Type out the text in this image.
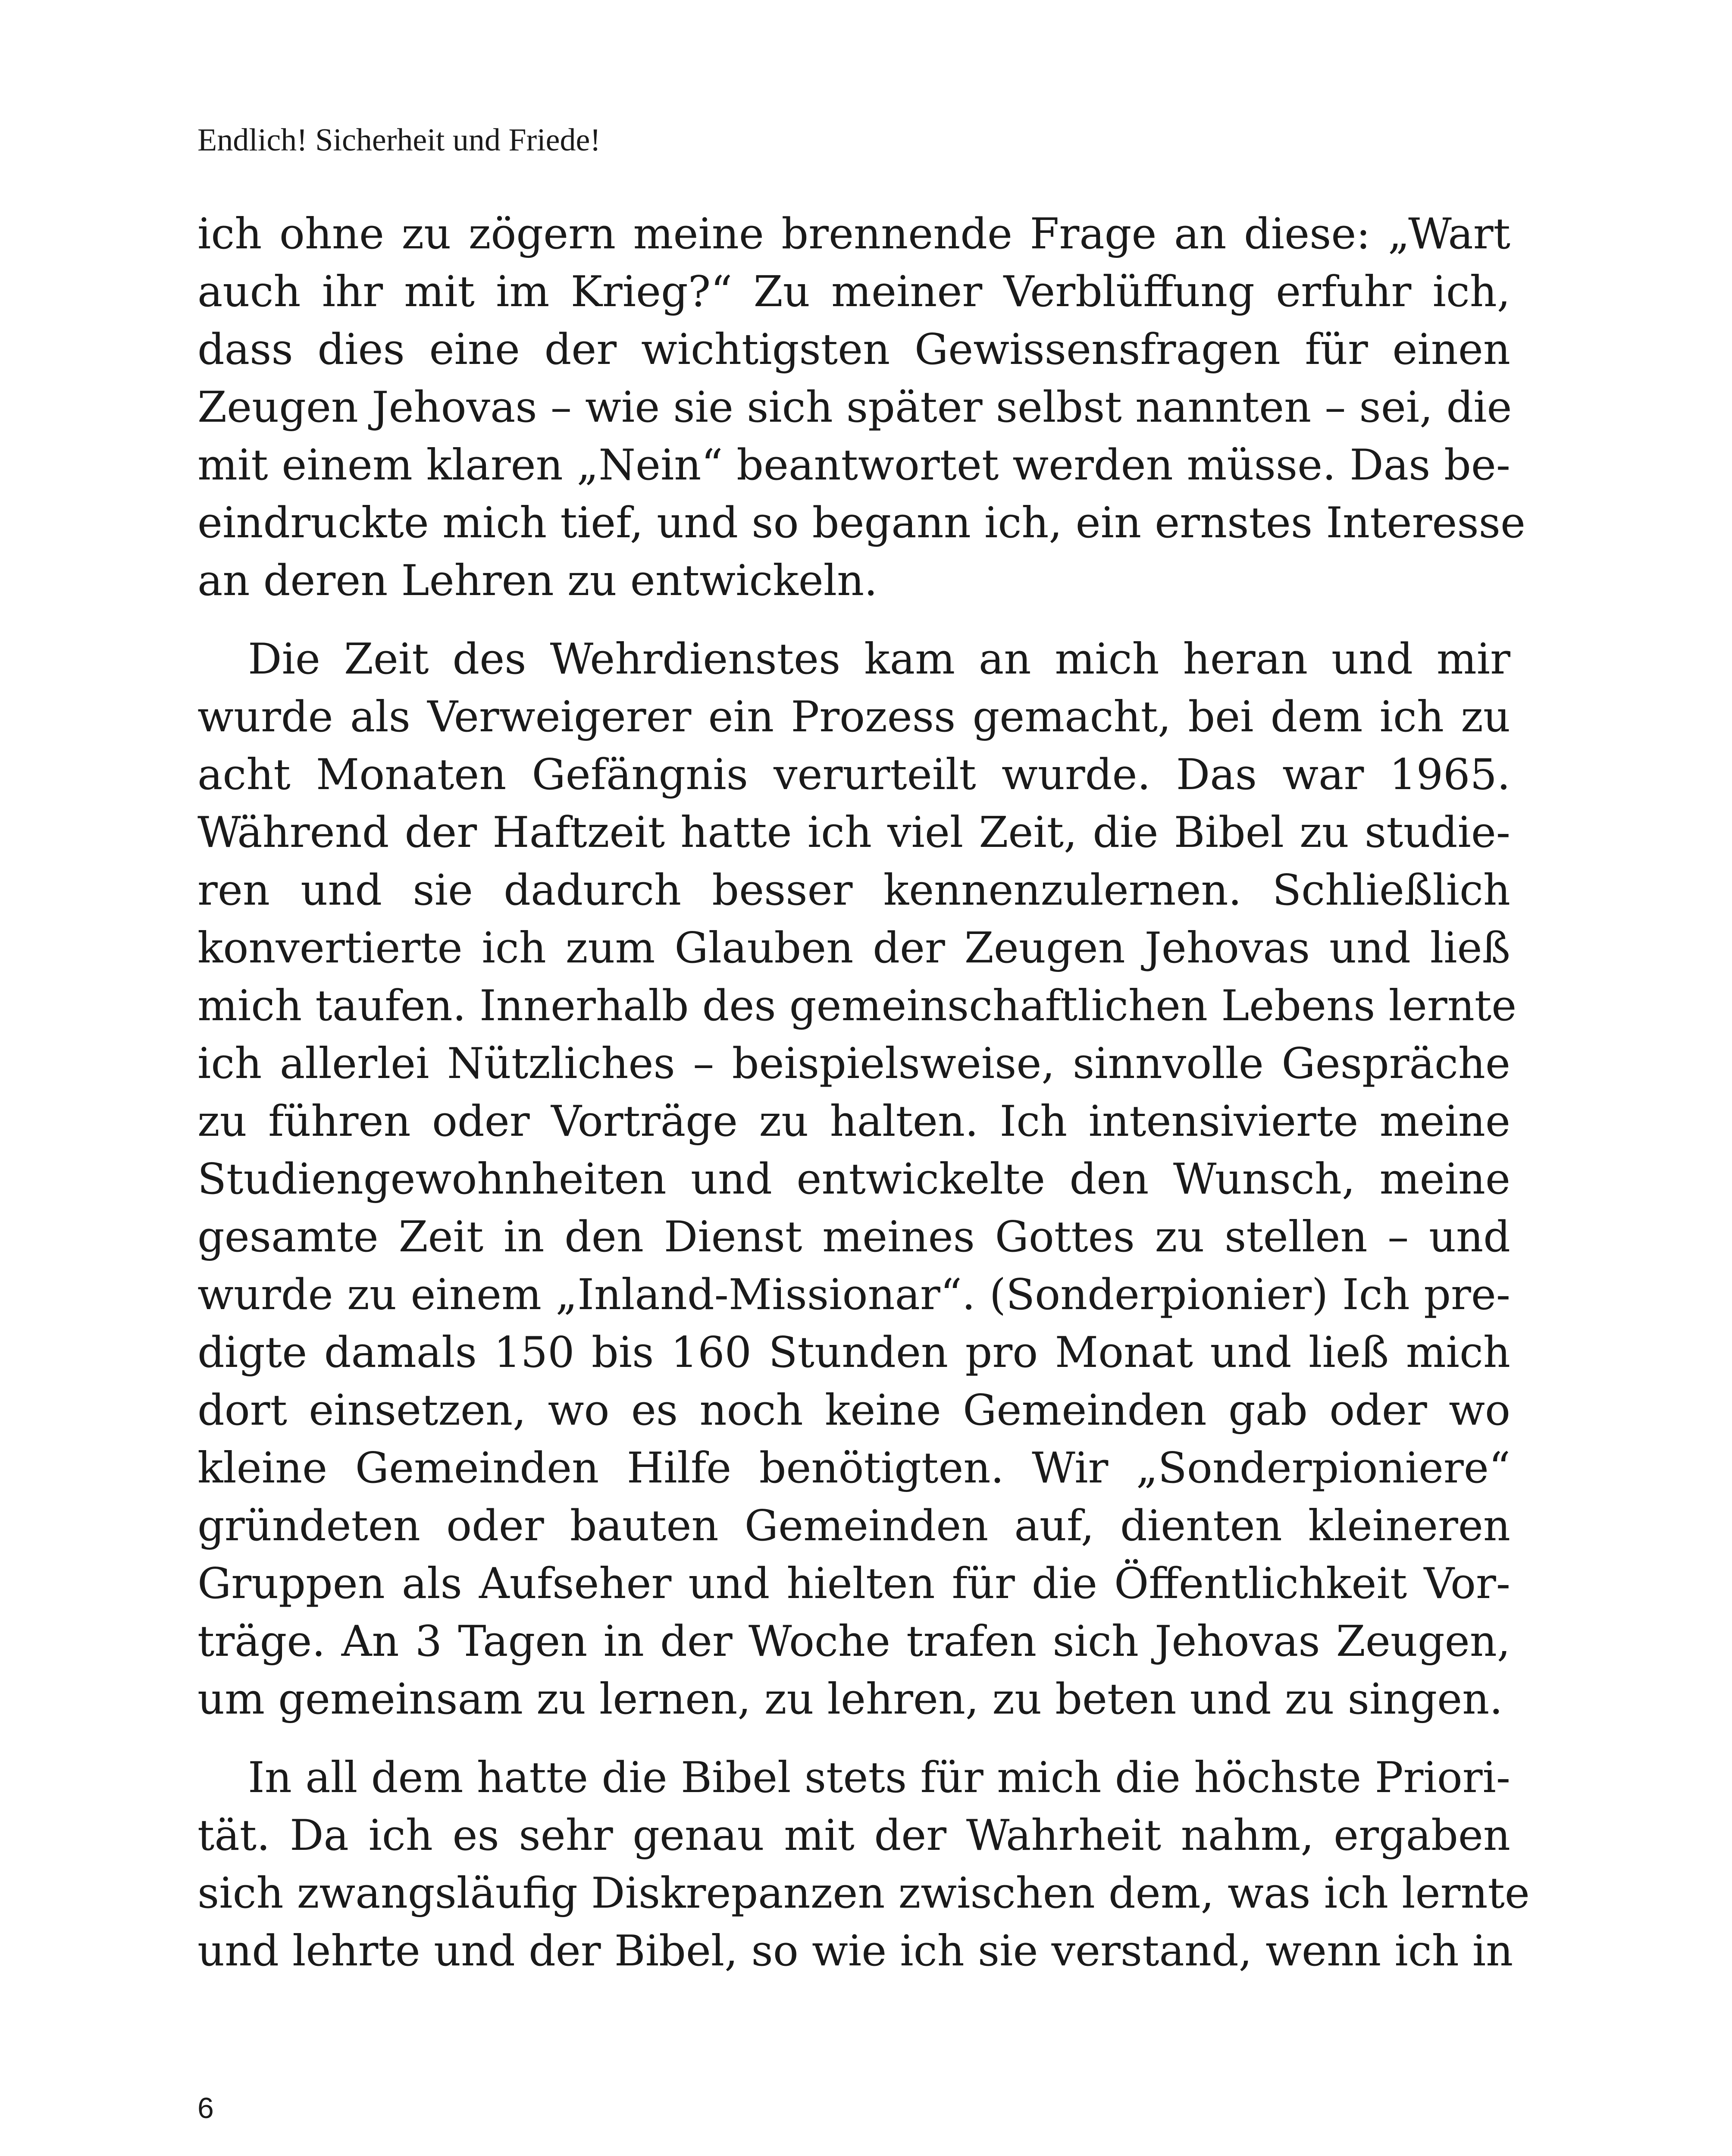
Endlich! Sicherheit und Friede!

ich ohne zu zögern meine brennende Frage an diese: „Wart
auch ihr mit im Krieg?“ Zu meiner Verblüffung erfuhr ich,
dass dies eine der wichtigsten Gewissensfragen für einen
Zeugen Jehovas – wie sie sich später selbst nannten – sei, die
mit einem klaren „Nein“ beantwortet werden müsse. Das be-
eindruckte mich tief, und so begann ich, ein ernstes Interesse
an deren Lehren zu entwickeln.

Die Zeit des Wehrdienstes kam an mich heran und mir
wurde als Verweigerer ein Prozess gemacht, bei dem ich zu
acht Monaten Gefängnis verurteilt wurde. Das war 1965.
Während der Haftzeit hatte ich viel Zeit, die Bibel zu studie-
ren und sie dadurch besser kennenzulernen. Schließlich
konvertierte ich zum Glauben der Zeugen Jehovas und ließ
mich taufen. Innerhalb des gemeinschaftlichen Lebens lernte
ich allerlei Nützliches – beispielsweise, sinnvolle Gespräche
zu führen oder Vorträge zu halten. Ich intensivierte meine
Studiengewohnheiten und entwickelte den Wunsch, meine
gesamte Zeit in den Dienst meines Gottes zu stellen – und
wurde zu einem „Inland-Missionar“. (Sonderpionier) Ich pre-
digte damals 150 bis 160 Stunden pro Monat und ließ mich
dort einsetzen, wo es noch keine Gemeinden gab oder wo
kleine Gemeinden Hilfe benötigten. Wir „Sonderpioniere“
gründeten oder bauten Gemeinden auf, dienten kleineren
Gruppen als Aufseher und hielten für die Öffentlichkeit Vor-
träge. An 3 Tagen in der Woche trafen sich Jehovas Zeugen,
um gemeinsam zu lernen, zu lehren, zu beten und zu singen.

In all dem hatte die Bibel stets für mich die höchste Priori-
tät. Da ich es sehr genau mit der Wahrheit nahm, ergaben
sich zwangsläufig Diskrepanzen zwischen dem, was ich lernte
und lehrte und der Bibel, so wie ich sie verstand, wenn ich in

6
